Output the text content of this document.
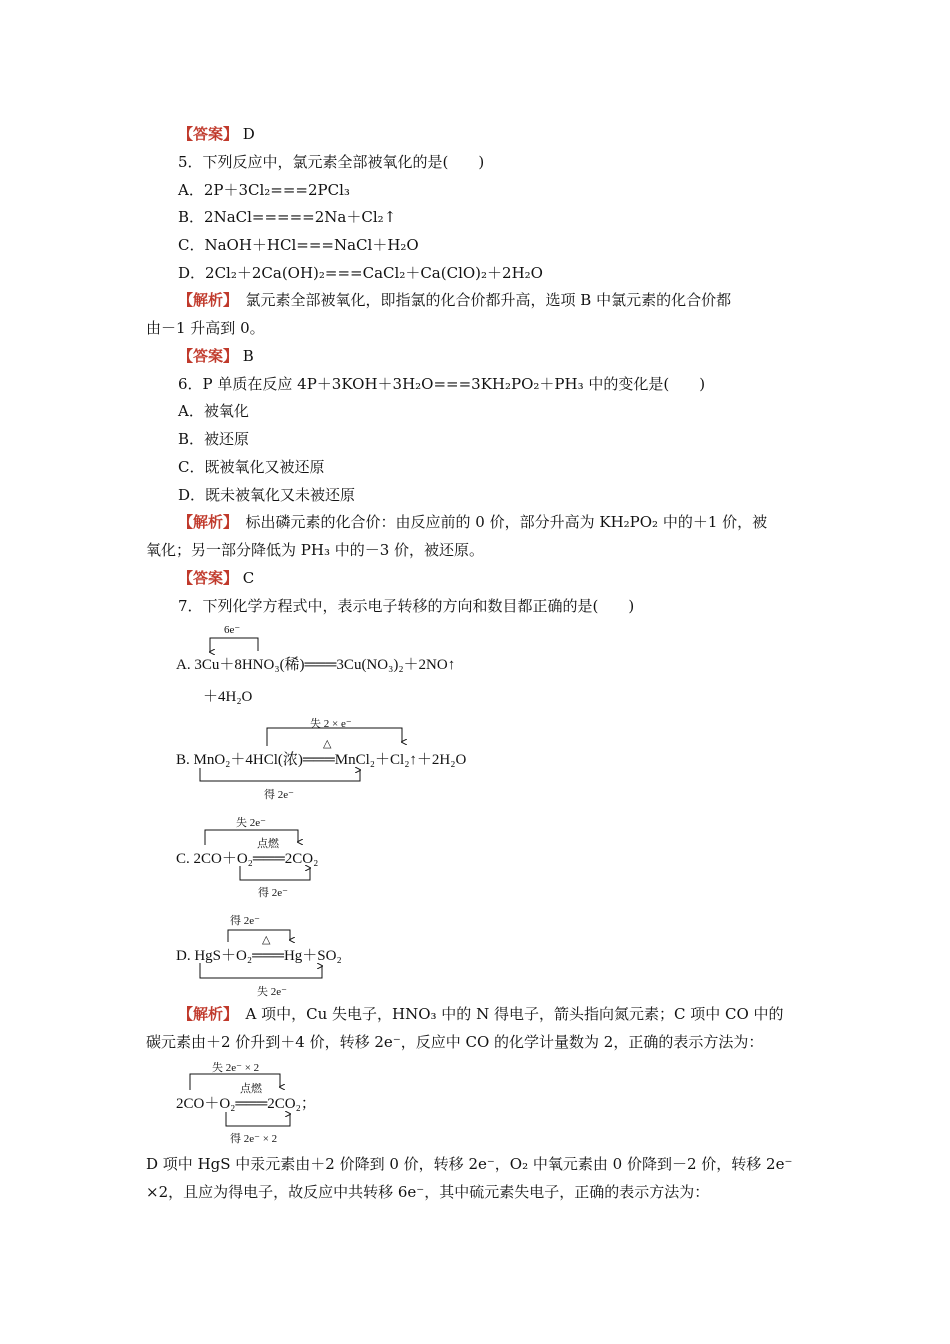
【答案】 D
5．下列反应中，氯元素全部被氧化的是(　　)
A．2P＋3Cl₂===2PCl₃
B．2NaCl=====2Na＋Cl₂↑
C．NaOH＋HCl===NaCl＋H₂O
D．2Cl₂＋2Ca(OH)₂===CaCl₂＋Ca(ClO)₂＋2H₂O
【解析】　氯元素全部被氧化，即指氯的化合价都升高，选项 B 中氯元素的化合价都
由－1 升高到 0。
【答案】 B
6．P 单质在反应 4P＋3KOH＋3H₂O===3KH₂PO₂＋PH₃ 中的变化是(　　)
A．被氧化
B．被还原
C．既被氧化又被还原
D．既未被氧化又未被还原
【解析】　标出磷元素的化合价：由反应前的 0 价，部分升高为 KH₂PO₂ 中的＋1 价，被
氧化；另一部分降低为 PH₃ 中的－3 价，被还原。
【答案】 C
7．下列化学方程式中，表示电子转移的方向和数目都正确的是(　　)
6e⁻
A. 3Cu＋8HNO₃(稀)═══3Cu(NO₃)₂＋2NO↑
＋4H₂O
失 2 × e⁻
△
B. MnO₂＋4HCl(浓)═══MnCl₂＋Cl₂↑＋2H₂O
得 2e⁻
失 2e⁻
点燃
C. 2CO＋O₂═══2CO₂
得 2e⁻
得 2e⁻
△
D. HgS＋O₂═══Hg＋SO₂
失 2e⁻
【解析】　A 项中，Cu 失电子，HNO₃ 中的 N 得电子，箭头指向氮元素；C 项中 CO 中的
碳元素由＋2 价升到＋4 价，转移 2e⁻，反应中 CO 的化学计量数为 2，正确的表示方法为：
失 2e⁻ × 2
点燃
2CO＋O₂═══2CO₂；
得 2e⁻ × 2
D 项中 HgS 中汞元素由＋2 价降到 0 价，转移 2e⁻，O₂ 中氧元素由 0 价降到－2 价，转移 2e⁻
×2，且应为得电子，故反应中共转移 6e⁻，其中硫元素失电子，正确的表示方法为：
